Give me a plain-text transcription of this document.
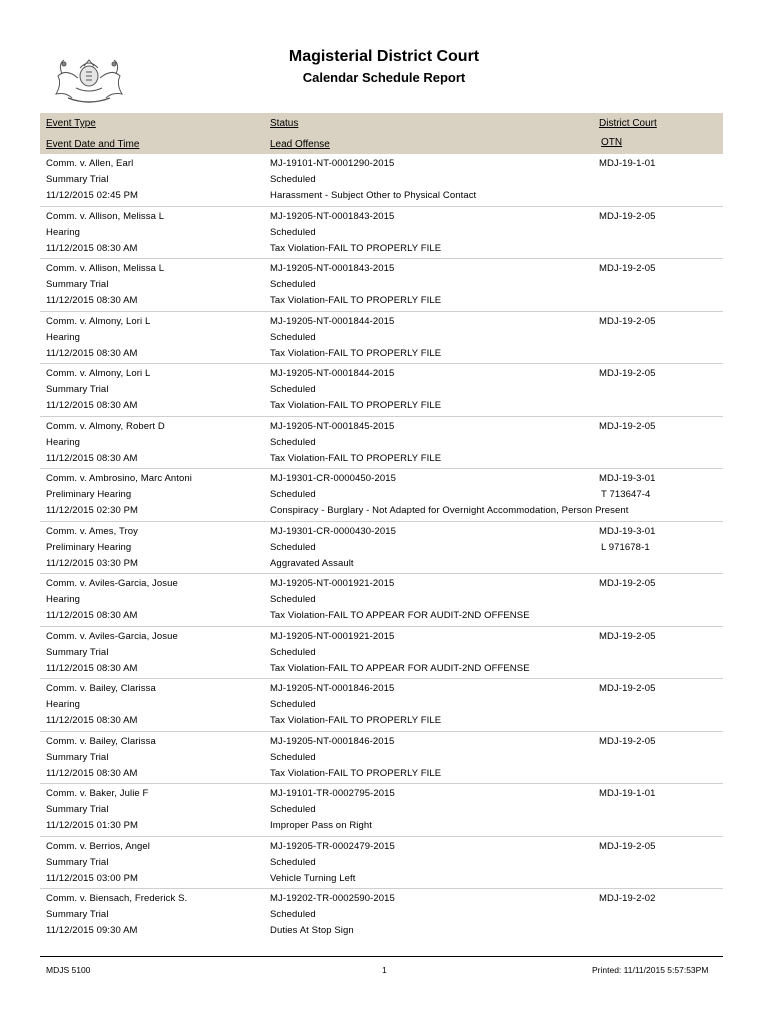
Magisterial District Court
Calendar Schedule Report
Event Type	Status	District Court
Event Date and Time	Lead Offense	OTN
Comm. v. Allen, Earl	MJ-19101-NT-0001290-2015	MDJ-19-1-01
Summary Trial	Scheduled
11/12/2015 02:45 PM	Harassment - Subject Other to Physical Contact
Comm. v. Allison, Melissa L	MJ-19205-NT-0001843-2015	MDJ-19-2-05
Hearing	Scheduled
11/12/2015 08:30 AM	Tax Violation-FAIL TO PROPERLY FILE
Comm. v. Allison, Melissa L	MJ-19205-NT-0001843-2015	MDJ-19-2-05
Summary Trial	Scheduled
11/12/2015 08:30 AM	Tax Violation-FAIL TO PROPERLY FILE
Comm. v. Almony, Lori L	MJ-19205-NT-0001844-2015	MDJ-19-2-05
Hearing	Scheduled
11/12/2015 08:30 AM	Tax Violation-FAIL TO PROPERLY FILE
Comm. v. Almony, Lori L	MJ-19205-NT-0001844-2015	MDJ-19-2-05
Summary Trial	Scheduled
11/12/2015 08:30 AM	Tax Violation-FAIL TO PROPERLY FILE
Comm. v. Almony, Robert D	MJ-19205-NT-0001845-2015	MDJ-19-2-05
Hearing	Scheduled
11/12/2015 08:30 AM	Tax Violation-FAIL TO PROPERLY FILE
Comm. v. Ambrosino, Marc Antoni	MJ-19301-CR-0000450-2015	MDJ-19-3-01
Preliminary Hearing	Scheduled	T 713647-4
11/12/2015 02:30 PM	Conspiracy - Burglary - Not Adapted for Overnight Accommodation, Person Present
Comm. v. Ames, Troy	MJ-19301-CR-0000430-2015	MDJ-19-3-01
Preliminary Hearing	Scheduled	L 971678-1
11/12/2015 03:30 PM	Aggravated Assault
Comm. v. Aviles-Garcia, Josue	MJ-19205-NT-0001921-2015	MDJ-19-2-05
Hearing	Scheduled
11/12/2015 08:30 AM	Tax Violation-FAIL TO APPEAR FOR AUDIT-2ND OFFENSE
Comm. v. Aviles-Garcia, Josue	MJ-19205-NT-0001921-2015	MDJ-19-2-05
Summary Trial	Scheduled
11/12/2015 08:30 AM	Tax Violation-FAIL TO APPEAR FOR AUDIT-2ND OFFENSE
Comm. v. Bailey, Clarissa	MJ-19205-NT-0001846-2015	MDJ-19-2-05
Hearing	Scheduled
11/12/2015 08:30 AM	Tax Violation-FAIL TO PROPERLY FILE
Comm. v. Bailey, Clarissa	MJ-19205-NT-0001846-2015	MDJ-19-2-05
Summary Trial	Scheduled
11/12/2015 08:30 AM	Tax Violation-FAIL TO PROPERLY FILE
Comm. v. Baker, Julie F	MJ-19101-TR-0002795-2015	MDJ-19-1-01
Summary Trial	Scheduled
11/12/2015 01:30 PM	Improper Pass on Right
Comm. v. Berrios, Angel	MJ-19205-TR-0002479-2015	MDJ-19-2-05
Summary Trial	Scheduled
11/12/2015 03:00 PM	Vehicle Turning Left
Comm. v. Biensach, Frederick S.	MJ-19202-TR-0002590-2015	MDJ-19-2-02
Summary Trial	Scheduled
11/12/2015 09:30 AM	Duties At Stop Sign
MDJS 5100	1	Printed: 11/11/2015 5:57:53PM
